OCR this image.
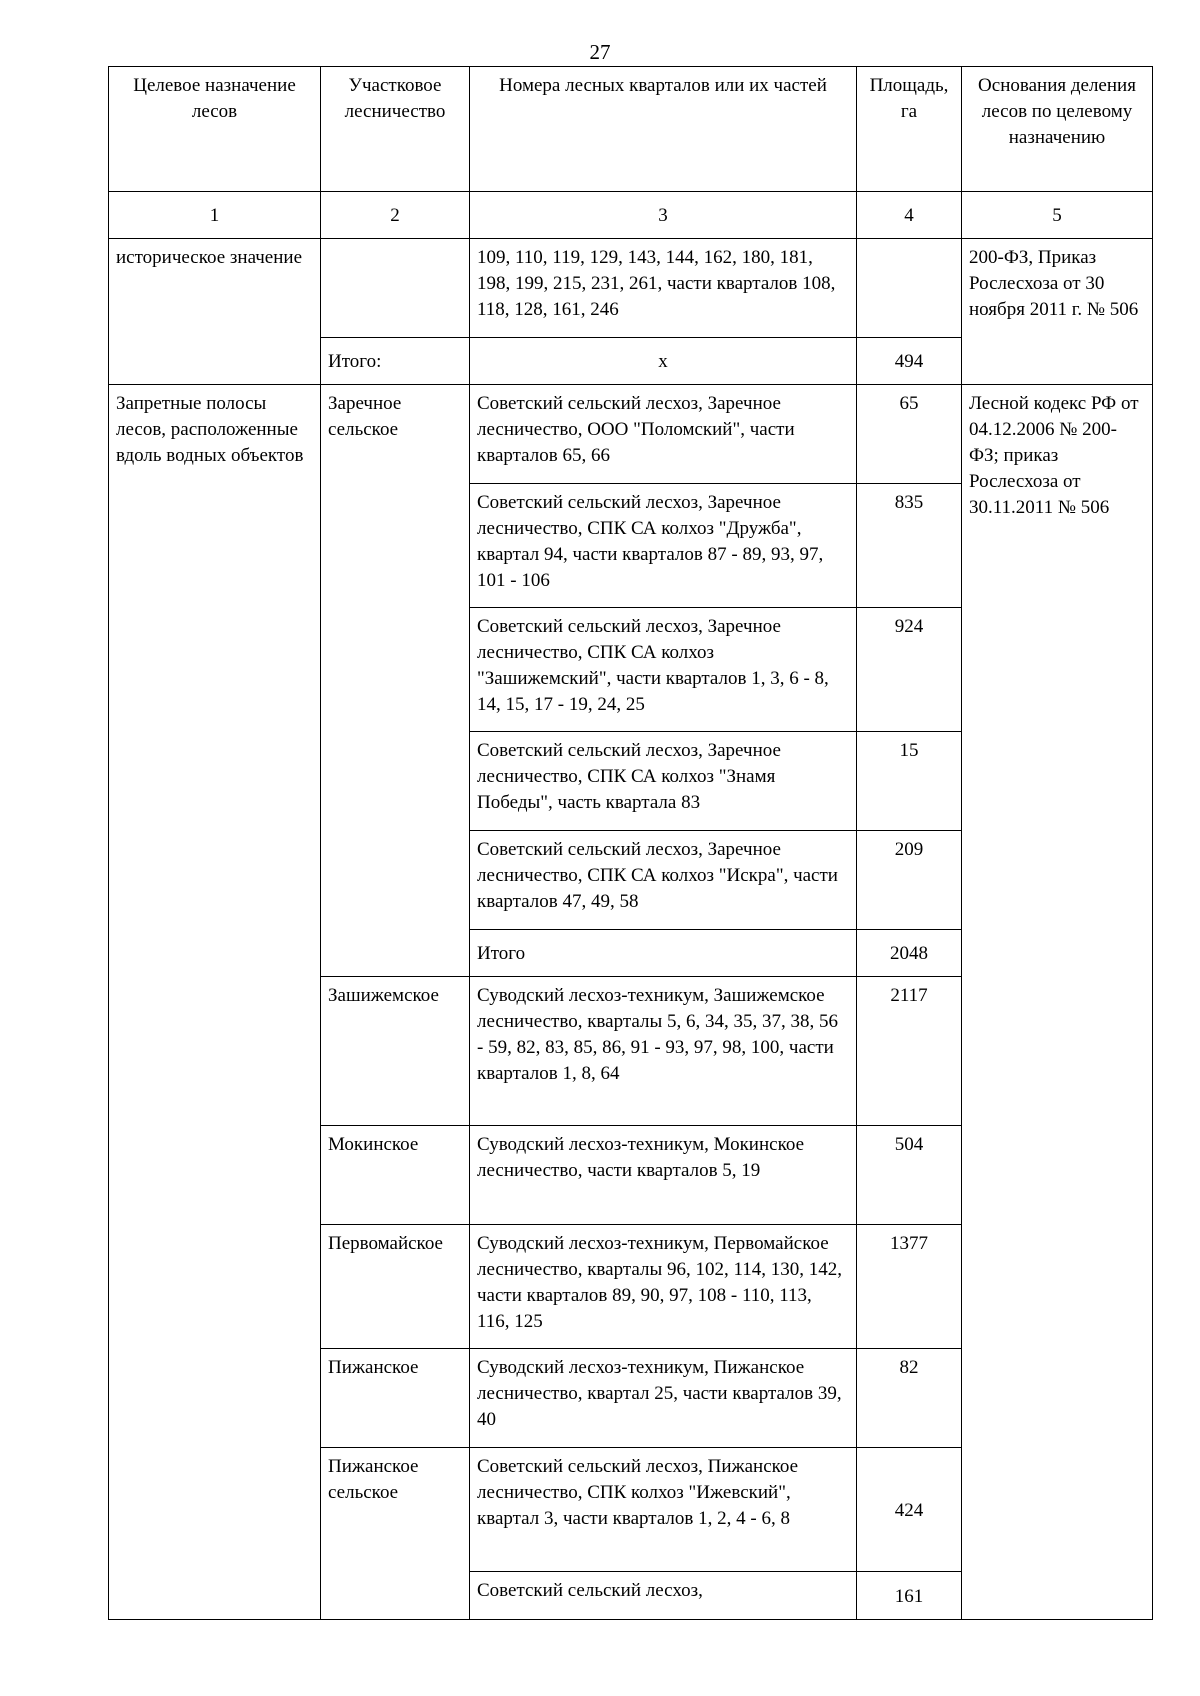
27
Целевое назначение лесов	Участковое лесничество	Номера лесных кварталов или их частей	Площадь, га	Основания деления лесов по целевому назначению
1	2	3	4	5
историческое значение		109, 110, 119, 129, 143, 144, 162, 180, 181, 198, 199, 215, 231, 261, части кварталов 108, 118, 128, 161, 246		200-ФЗ, Приказ Рослесхоза от 30 ноября 2011 г. № 506
	Итого:	x	494	
Запретные полосы лесов, расположенные вдоль водных объектов	Заречное сельское	Советский сельский лесхоз, Заречное лесничество, ООО "Поломский", части кварталов 65, 66	65	Лесной кодекс РФ от 04.12.2006 № 200-ФЗ; приказ Рослесхоза от 30.11.2011 № 506
		Советский сельский лесхоз, Заречное лесничество, СПК СА колхоз "Дружба", квартал 94, части кварталов 87 - 89, 93, 97, 101 - 106	835	
		Советский сельский лесхоз, Заречное лесничество, СПК СА колхоз "Зашижемский", части кварталов 1, 3, 6 - 8, 14, 15, 17 - 19, 24, 25	924	
		Советский сельский лесхоз, Заречное лесничество, СПК СА колхоз "Знамя Победы", часть квартала 83	15	
		Советский сельский лесхоз, Заречное лесничество, СПК СА колхоз "Искра", части кварталов 47, 49, 58	209	
		Итого	2048	
	Зашижемское	Суводский лесхоз-техникум, Зашижемское лесничество, кварталы 5, 6, 34, 35, 37, 38, 56 - 59, 82, 83, 85, 86, 91 - 93, 97, 98, 100, части кварталов 1, 8, 64	2117	
	Мокинское	Суводский лесхоз-техникум, Мокинское лесничество, части кварталов 5, 19	504	
	Первомайское	Суводский лесхоз-техникум, Первомайское лесничество, кварталы 96, 102, 114, 130, 142, части кварталов 89, 90, 97, 108 - 110, 113, 116, 125	1377	
	Пижанское	Суводский лесхоз-техникум, Пижанское лесничество, квартал 25, части кварталов 39, 40	82	
	Пижанское сельское	Советский сельский лесхоз, Пижанское лесничество, СПК колхоз "Ижевский", квартал 3, части кварталов 1, 2, 4 - 6, 8	424	
		Советский сельский лесхоз,	161	
